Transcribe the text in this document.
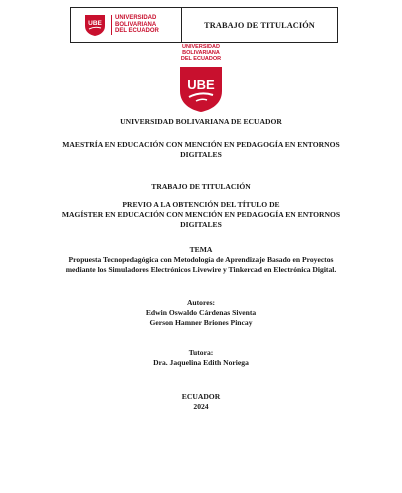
UBE
UNIVERSIDAD
BOLIVARIANA
DEL ECUADOR
TRABAJO DE TITULACIÓN
UNIVERSIDAD
BOLIVARIANA
DEL ECUADOR
UBE
UNIVERSIDAD BOLIVARIANA DE ECUADOR
MAESTRÍA EN EDUCACIÓN CON MENCIÓN EN PEDAGOGÍA EN ENTORNOS
DIGITALES
TRABAJO DE TITULACIÓN
PREVIO A LA OBTENCIÓN DEL TÍTULO DE
MAGÍSTER EN EDUCACIÓN CON MENCIÓN EN PEDAGOGÍA EN ENTORNOS
DIGITALES
TEMA
Propuesta Tecnopedagógica con Metodología de Aprendizaje Basado en Proyectos
mediante los Simuladores Electrónicos Livewire y Tinkercad en Electrónica Digital.
Autores:
Edwin Oswaldo Cárdenas Siventa
Gerson Hamner Briones Pincay
Tutora:
Dra. Jaquelina Edith Noriega
ECUADOR
2024
